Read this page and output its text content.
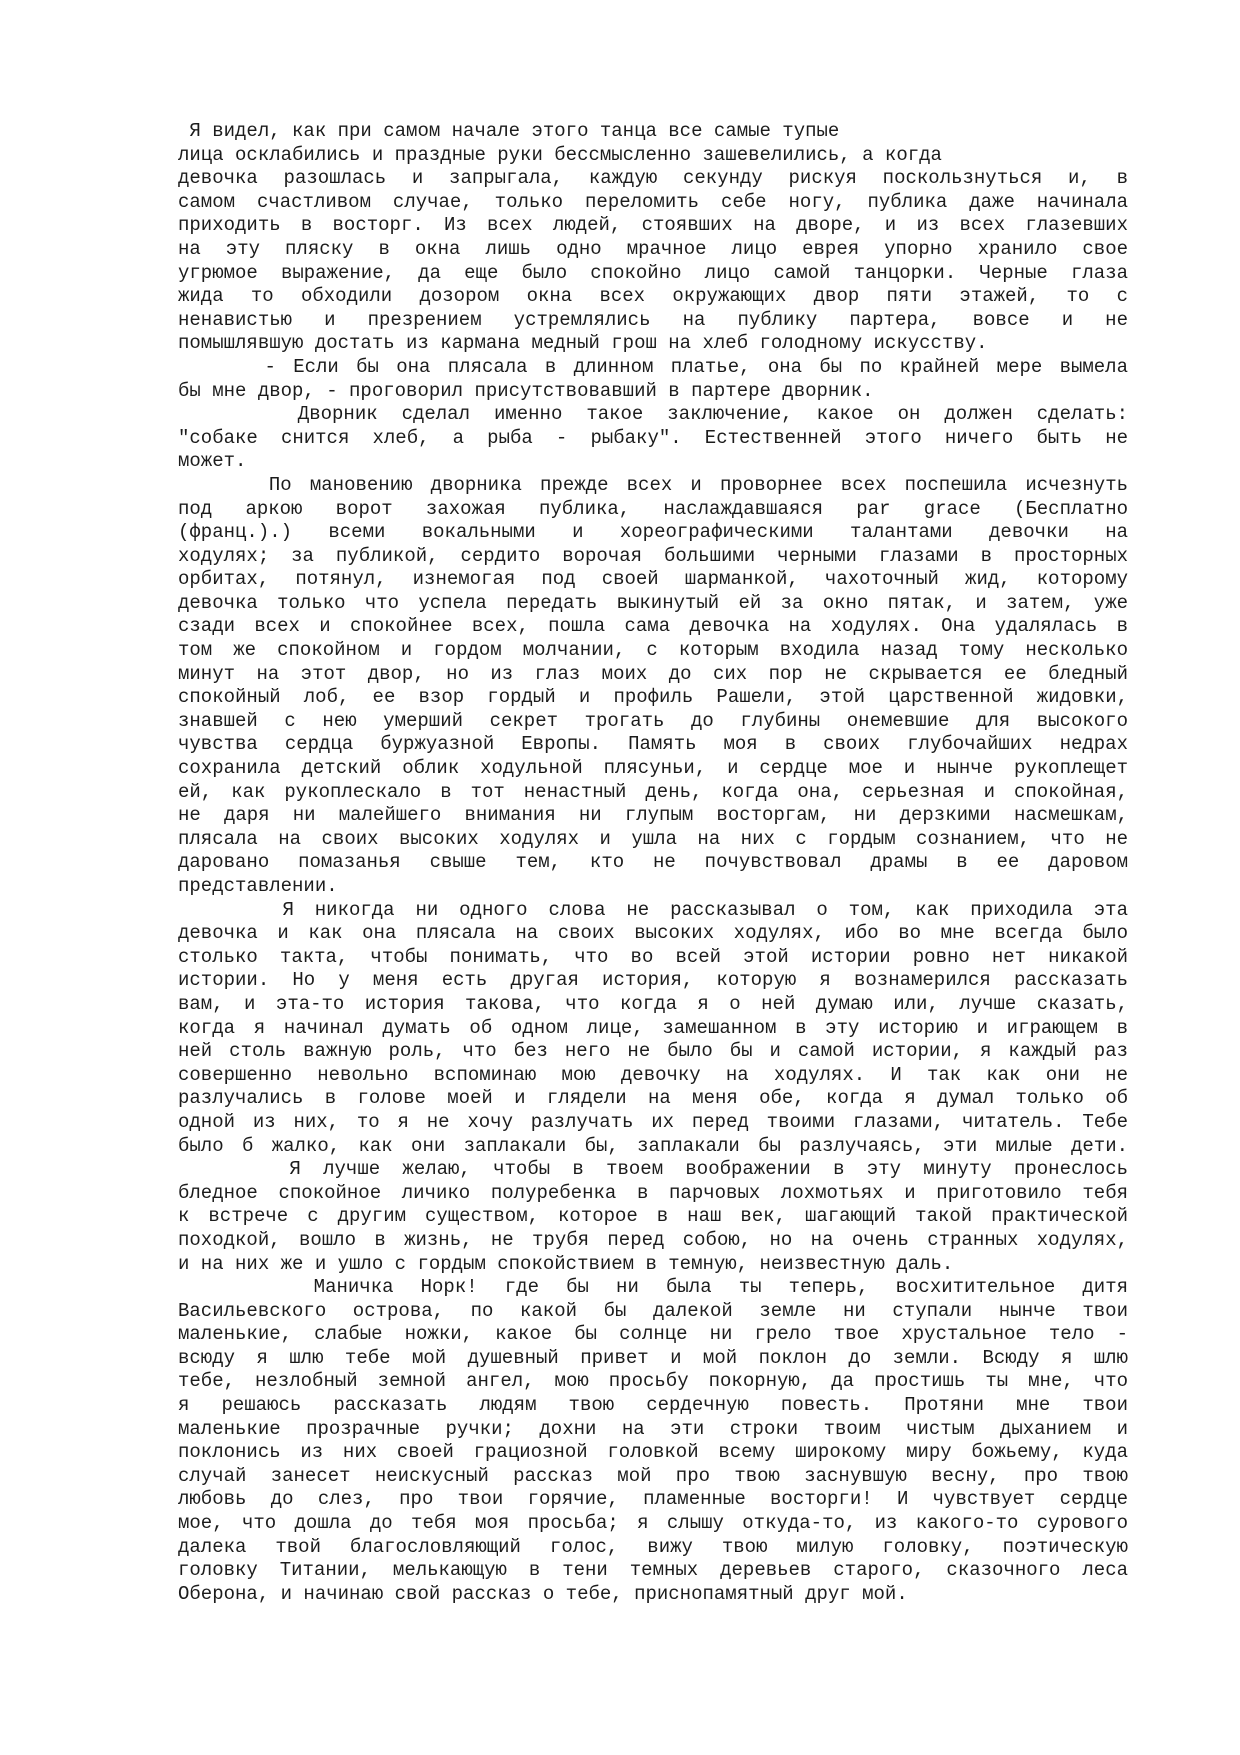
Я видел, как при самом начале этого танца все самые тупые
лица осклабились и праздные руки бессмысленно зашевелились, а когда
девочка разошлась и запрыгала, каждую секунду рискуя поскользнуться и, в
самом счастливом случае, только переломить себе ногу, публика даже начинала
приходить в восторг. Из всех людей, стоявших на дворе, и из всех глазевших
на эту пляску в окна лишь одно мрачное лицо еврея упорно хранило свое
угрюмое выражение, да еще было спокойно лицо самой танцорки. Черные глаза
жида то обходили дозором окна всех окружающих двор пяти этажей, то с
ненавистью и презрением устремлялись на публику партера, вовсе и не
помышлявшую достать из кармана медный грош на хлеб голодному искусству.
- Если бы она плясала в длинном платье, она бы по крайней мере вымела
бы мне двор, - проговорил присутствовавший в партере дворник.
Дворник сделал именно такое заключение, какое он должен сделать:
"собаке снится хлеб, а рыба - рыбаку". Естественней этого ничего быть не
может.
По мановению дворника прежде всех и проворнее всех поспешила исчезнуть
под аркою ворот захожая публика, наслаждавшаяся par grace (Бесплатно
(франц.).) всеми вокальными и хореографическими талантами девочки на
ходулях; за публикой, сердито ворочая большими черными глазами в просторных
орбитах, потянул, изнемогая под своей шарманкой, чахоточный жид, которому
девочка только что успела передать выкинутый ей за окно пятак, и затем, уже
сзади всех и спокойнее всех, пошла сама девочка на ходулях. Она удалялась в
том же спокойном и гордом молчании, с которым входила назад тому несколько
минут на этот двор, но из глаз моих до сих пор не скрывается ее бледный
спокойный лоб, ее взор гордый и профиль Рашели, этой царственной жидовки,
знавшей с нею умерший секрет трогать до глубины онемевшие для высокого
чувства сердца буржуазной Европы. Память моя в своих глубочайших недрах
сохранила детский облик ходульной плясуньи, и сердце мое и нынче рукоплещет
ей, как рукоплескало в тот ненастный день, когда она, серьезная и спокойная,
не даря ни малейшего внимания ни глупым восторгам, ни дерзкими насмешкам,
плясала на своих высоких ходулях и ушла на них с гордым сознанием, что не
даровано помазанья свыше тем, кто не почувствовал драмы в ее даровом
представлении.
Я никогда ни одного слова не рассказывал о том, как приходила эта
девочка и как она плясала на своих высоких ходулях, ибо во мне всегда было
столько такта, чтобы понимать, что во всей этой истории ровно нет никакой
истории. Но у меня есть другая история, которую я вознамерился рассказать
вам, и эта-то история такова, что когда я о ней думаю или, лучше сказать,
когда я начинал думать об одном лице, замешанном в эту историю и играющем в
ней столь важную роль, что без него не было бы и самой истории, я каждый раз
совершенно невольно вспоминаю мою девочку на ходулях. И так как они не
разлучались в голове моей и глядели на меня обе, когда я думал только об
одной из них, то я не хочу разлучать их перед твоими глазами, читатель. Тебе
было б жалко, как они заплакали бы, заплакали бы разлучаясь, эти милые дети.
Я лучше желаю, чтобы в твоем воображении в эту минуту пронеслось
бледное спокойное личико полуребенка в парчовых лохмотьях и приготовило тебя
к встрече с другим существом, которое в наш век, шагающий такой практической
походкой, вошло в жизнь, не трубя перед собою, но на очень странных ходулях,
и на них же и ушло с гордым спокойствием в темную, неизвестную даль.
Маничка Норк! где бы ни была ты теперь, восхитительное дитя
Васильевского острова, по какой бы далекой земле ни ступали нынче твои
маленькие, слабые ножки, какое бы солнце ни грело твое хрустальное тело -
всюду я шлю тебе мой душевный привет и мой поклон до земли. Всюду я шлю
тебе, незлобный земной ангел, мою просьбу покорную, да простишь ты мне, что
я решаюсь рассказать людям твою сердечную повесть. Протяни мне твои
маленькие прозрачные ручки; дохни на эти строки твоим чистым дыханием и
поклонись из них своей грациозной головкой всему широкому миру божьему, куда
случай занесет неискусный рассказ мой про твою заснувшую весну, про твою
любовь до слез, про твои горячие, пламенные восторги! И чувствует сердце
мое, что дошла до тебя моя просьба; я слышу откуда-то, из какого-то сурового
далека твой благословляющий голос, вижу твою милую головку, поэтическую
головку Титании, мелькающую в тени темных деревьев старого, сказочного леса
Оберона, и начинаю свой рассказ о тебе, приснопамятный друг мой.
